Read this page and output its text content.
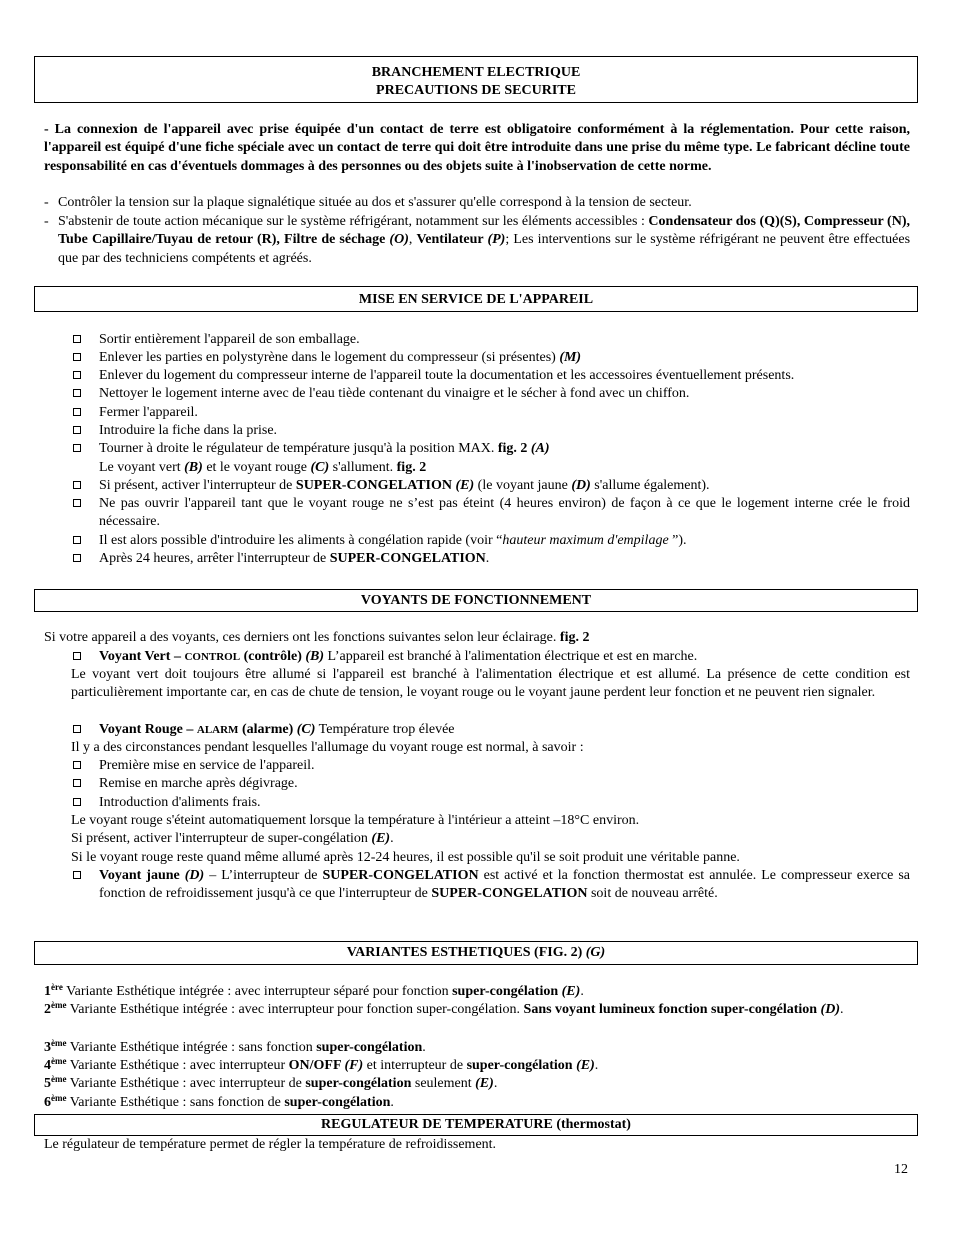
BRANCHEMENT ELECTRIQUE
PRECAUTIONS DE SECURITE

- La connexion de l'appareil avec prise équipée d'un contact de terre est obligatoire conformément à la réglementation. Pour cette raison, l'appareil est équipé d'une fiche spéciale avec un contact de terre qui doit être introduite dans une prise du même type. Le fabricant décline toute responsabilité en cas d'éventuels dommages à des personnes ou des objets suite à l'inobservation de cette norme.

- Contrôler la tension sur la plaque signalétique située au dos et s'assurer qu'elle correspond à la tension de secteur.
- S'abstenir de toute action mécanique sur le système réfrigérant, notamment sur les éléments accessibles : Condensateur dos (Q)(S), Compresseur (N), Tube Capillaire/Tuyau de retour (R), Filtre de séchage (O), Ventilateur (P); Les interventions sur le système réfrigérant ne peuvent être effectuées que par des techniciens compétents et agréés.
MISE EN SERVICE DE L'APPAREIL
Sortir entièrement l'appareil de son emballage.
Enlever les parties en polystyrène dans le logement du compresseur (si présentes) (M)
Enlever du logement du compresseur interne de l'appareil toute la documentation et les accessoires éventuellement présents.
Nettoyer le logement interne avec de l'eau tiède contenant du vinaigre et le sécher à fond avec un chiffon.
Fermer l'appareil.
Introduire la fiche dans la prise.
Tourner à droite le régulateur de température jusqu'à la position MAX. fig. 2 (A)
Le voyant vert (B) et le voyant rouge (C) s'allument. fig. 2
Si présent, activer l'interrupteur de SUPER-CONGELATION (E) (le voyant jaune (D) s'allume également).
Ne pas ouvrir l'appareil tant que le voyant rouge ne s’est pas éteint (4 heures environ) de façon à ce que le logement interne crée le froid nécessaire.
Il est alors possible d'introduire les aliments à congélation rapide (voir “hauteur maximum d'empilage ”).
Après 24 heures, arrêter l'interrupteur de SUPER-CONGELATION.
VOYANTS DE FONCTIONNEMENT
Si votre appareil a des voyants, ces derniers ont les fonctions suivantes selon leur éclairage. fig. 2
Voyant Vert – CONTROL (contrôle) (B) L’appareil est branché à l'alimentation électrique et est en marche.
Le voyant vert doit toujours être allumé si l'appareil est branché à l'alimentation électrique et est allumé. La présence de cette condition est particulièrement importante car, en cas de chute de tension, le voyant rouge ou le voyant jaune perdent leur fonction et ne peuvent rien signaler.
Voyant Rouge – ALARM (alarme) (C) Température trop élevée
Il y a des circonstances pendant lesquelles l'allumage du voyant rouge est normal, à savoir :
Première mise en service de l'appareil.
Remise en marche après dégivrage.
Introduction d'aliments frais.
Le voyant rouge s'éteint automatiquement lorsque la température à l'intérieur a atteint –18°C environ.
Si présent, activer l'interrupteur de super-congélation (E).
Si le voyant rouge reste quand même allumé après 12-24 heures, il est possible qu'il se soit produit une véritable panne.
Voyant jaune (D) – L’interrupteur de SUPER-CONGELATION est activé et la fonction thermostat est annulée. Le compresseur exerce sa fonction de refroidissement jusqu'à ce que l'interrupteur de SUPER-CONGELATION soit de nouveau arrêté.
VARIANTES ESTHETIQUES (FIG. 2) (G)
1ère Variante Esthétique intégrée : avec interrupteur séparé pour fonction super-congélation (E).
2ème Variante Esthétique intégrée : avec interrupteur pour fonction super-congélation. Sans voyant lumineux fonction super-congélation (D).
3ème Variante Esthétique intégrée : sans fonction super-congélation.
4ème Variante Esthétique : avec interrupteur ON/OFF (F) et interrupteur de super-congélation (E).
5ème Variante Esthétique : avec interrupteur de super-congélation seulement (E).
6ème Variante Esthétique : sans fonction de super-congélation.
REGULATEUR DE TEMPERATURE (thermostat)
Le régulateur de température permet de régler la température de refroidissement.
12
